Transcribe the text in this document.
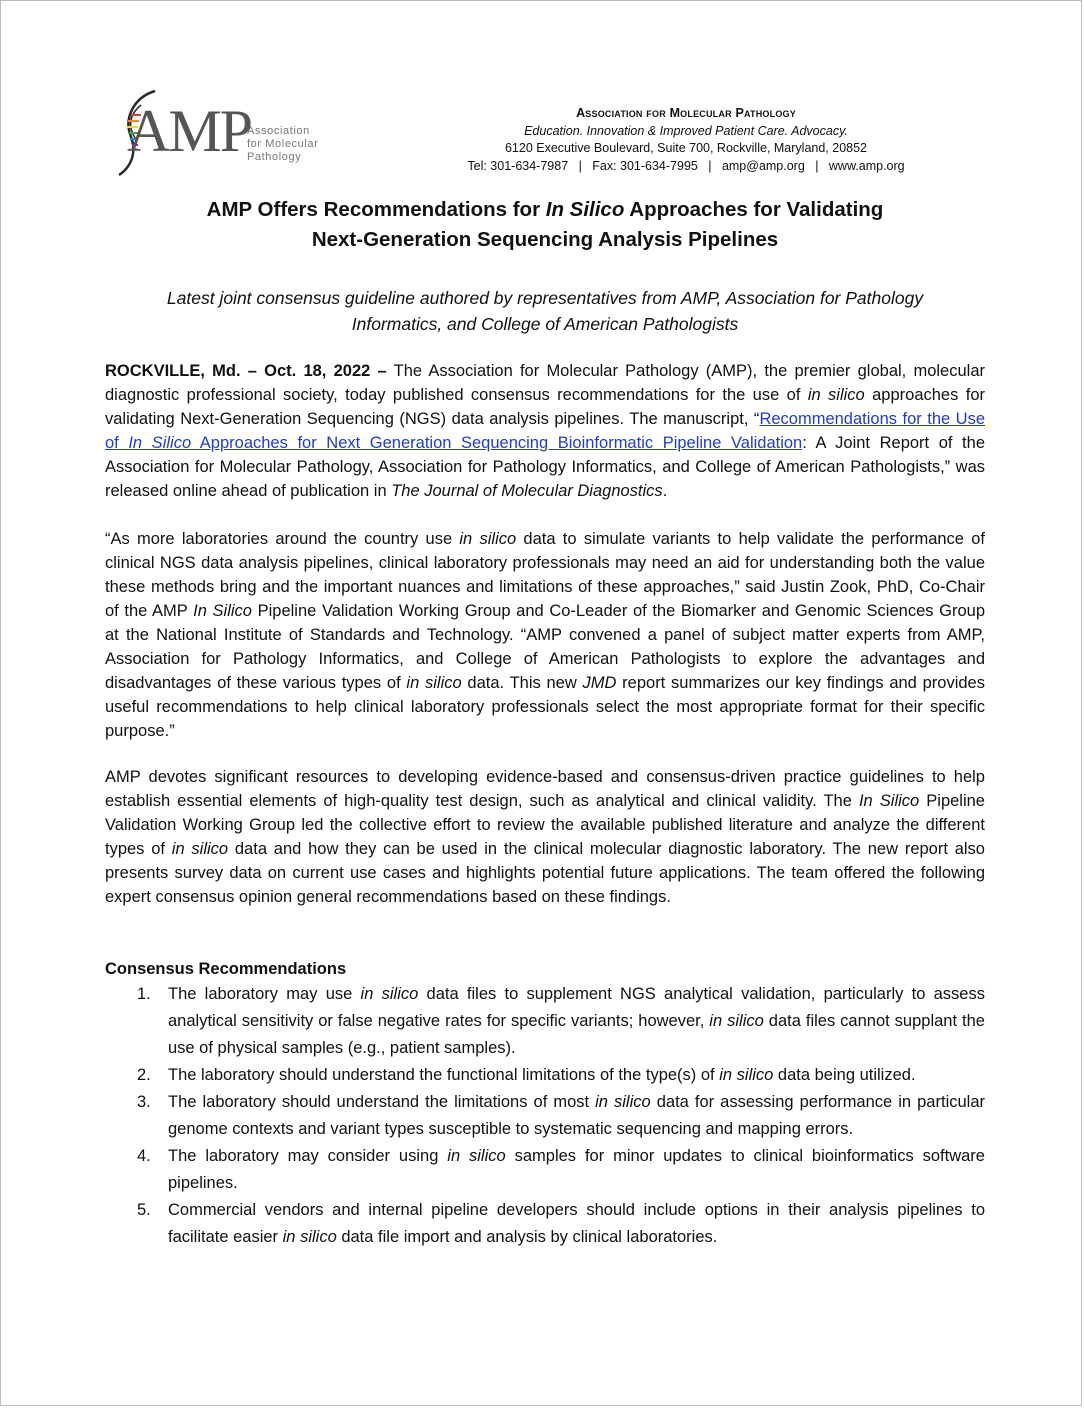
AMP
Association
for Molecular
Pathology
Association for Molecular Pathology
Education. Innovation & Improved Patient Care. Advocacy.
6120 Executive Boulevard, Suite 700, Rockville, Maryland, 20852
Tel: 301-634-7987   |   Fax: 301-634-7995   |   amp@amp.org   |   www.amp.org
AMP Offers Recommendations for In Silico Approaches for Validating
Next-Generation Sequencing Analysis Pipelines
Latest joint consensus guideline authored by representatives from AMP, Association for Pathology
Informatics, and College of American Pathologists

ROCKVILLE, Md. – Oct. 18, 2022 – The Association for Molecular Pathology (AMP), the premier global, molecular diagnostic professional society, today published consensus recommendations for the use of in silico approaches for validating Next-Generation Sequencing (NGS) data analysis pipelines. The manuscript, “Recommendations for the Use of In Silico Approaches for Next Generation Sequencing Bioinformatic Pipeline Validation: A Joint Report of the Association for Molecular Pathology, Association for Pathology Informatics, and College of American Pathologists,” was released online ahead of publication in The Journal of Molecular Diagnostics.

“As more laboratories around the country use in silico data to simulate variants to help validate the performance of clinical NGS data analysis pipelines, clinical laboratory professionals may need an aid for understanding both the value these methods bring and the important nuances and limitations of these approaches,” said Justin Zook, PhD, Co-Chair of the AMP In Silico Pipeline Validation Working Group and Co-Leader of the Biomarker and Genomic Sciences Group at the National Institute of Standards and Technology. “AMP convened a panel of subject matter experts from AMP, Association for Pathology Informatics, and College of American Pathologists to explore the advantages and disadvantages of these various types of in silico data. This new JMD report summarizes our key findings and provides useful recommendations to help clinical laboratory professionals select the most appropriate format for their specific purpose.”

AMP devotes significant resources to developing evidence-based and consensus-driven practice guidelines to help establish essential elements of high-quality test design, such as analytical and clinical validity. The In Silico Pipeline Validation Working Group led the collective effort to review the available published literature and analyze the different types of in silico data and how they can be used in the clinical molecular diagnostic laboratory. The new report also presents survey data on current use cases and highlights potential future applications. The team offered the following expert consensus opinion general recommendations based on these findings.

Consensus Recommendations
1. The laboratory may use in silico data files to supplement NGS analytical validation, particularly to assess analytical sensitivity or false negative rates for specific variants; however, in silico data files cannot supplant the use of physical samples (e.g., patient samples).
2. The laboratory should understand the functional limitations of the type(s) of in silico data being utilized.
3. The laboratory should understand the limitations of most in silico data for assessing performance in particular genome contexts and variant types susceptible to systematic sequencing and mapping errors.
4. The laboratory may consider using in silico samples for minor updates to clinical bioinformatics software pipelines.
5. Commercial vendors and internal pipeline developers should include options in their analysis pipelines to facilitate easier in silico data file import and analysis by clinical laboratories.
